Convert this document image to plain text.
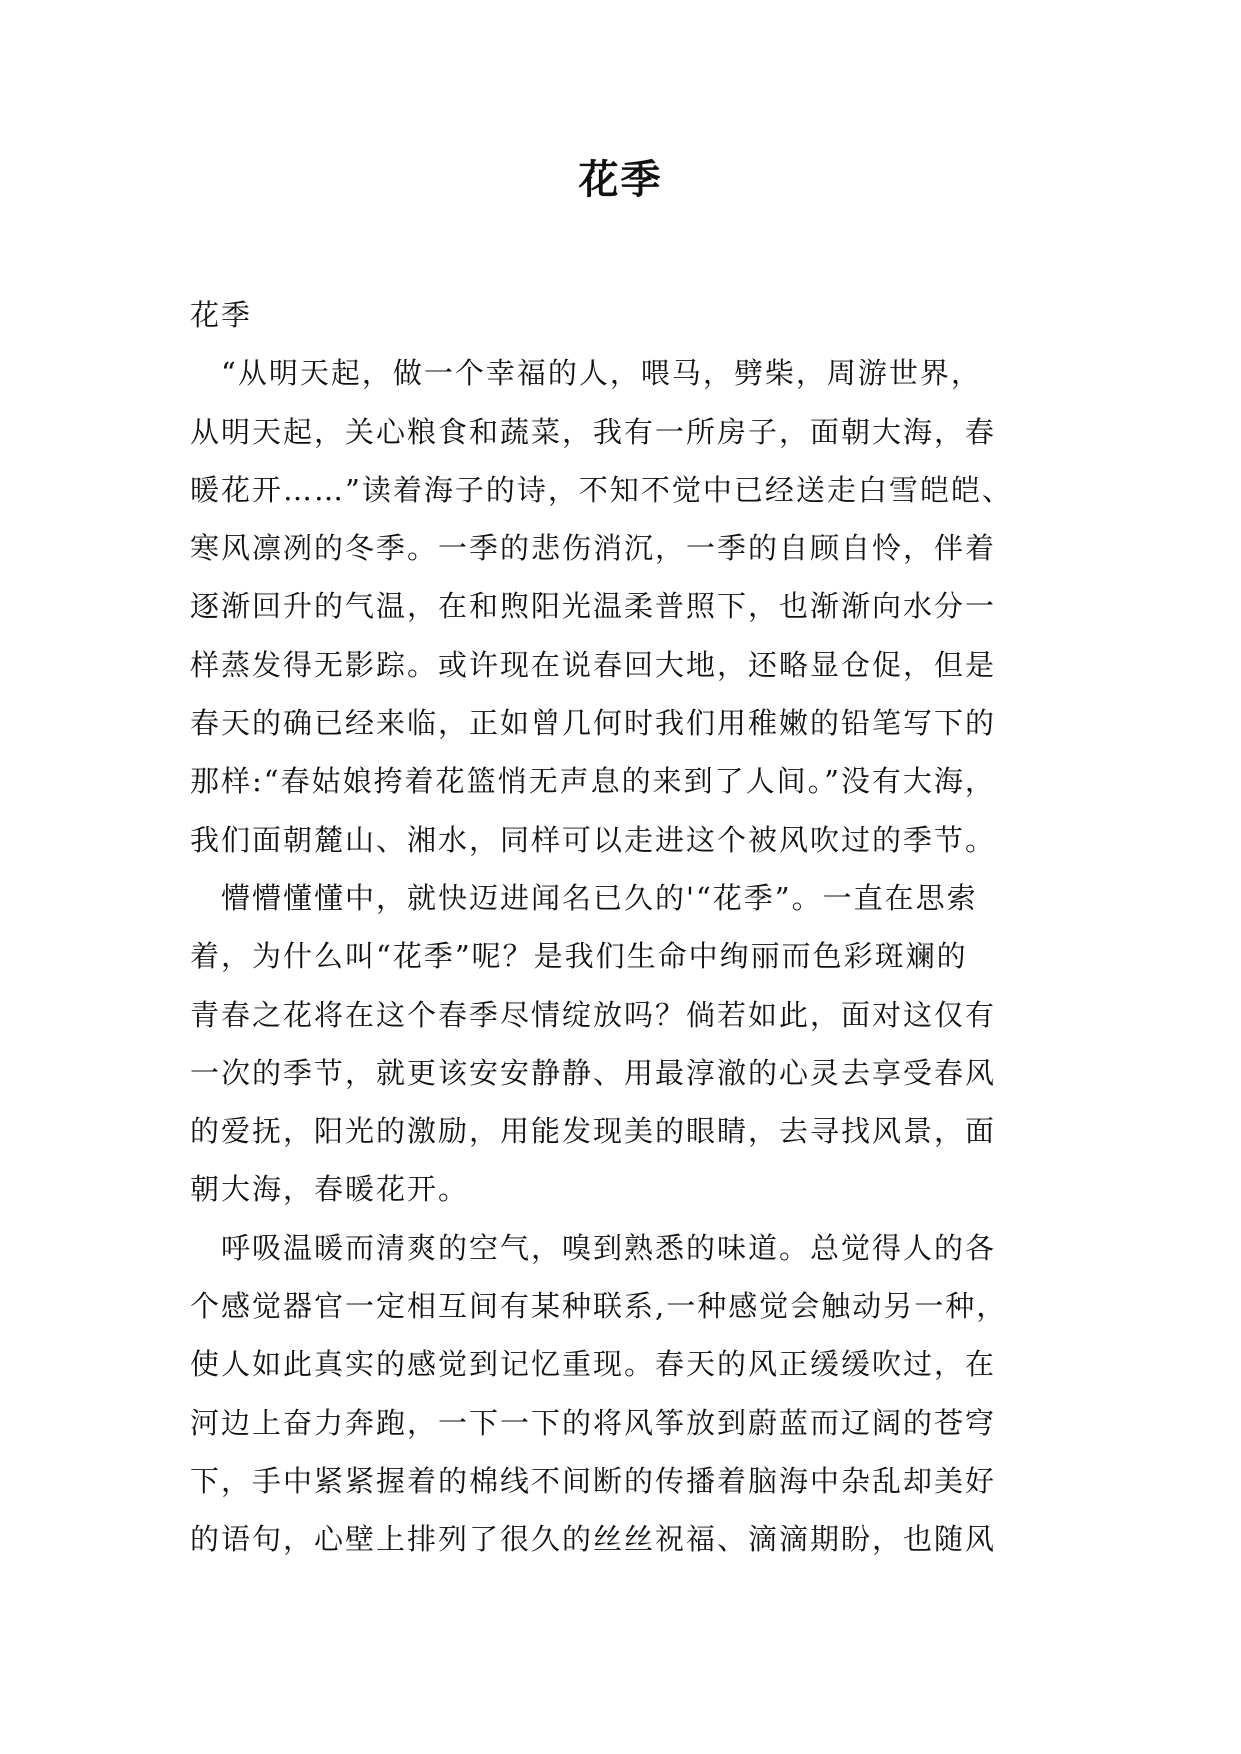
花季
花季
　“从明天起，做一个幸福的人，喂马，劈柴，周游世界，
从明天起，关心粮食和蔬菜，我有一所房子，面朝大海，春
暖花开……”读着海子的诗，不知不觉中已经送走白雪皑皑、
寒风凛冽的冬季。一季的悲伤消沉，一季的自顾自怜，伴着
逐渐回升的气温，在和煦阳光温柔普照下，也渐渐向水分一
样蒸发得无影踪。或许现在说春回大地，还略显仓促，但是
春天的确已经来临，正如曾几何时我们用稚嫩的铅笔写下的
那样:“春姑娘挎着花篮悄无声息的来到了人间。”没有大海，
我们面朝麓山、湘水，同样可以走进这个被风吹过的季节。
　懵懵懂懂中，就快迈进闻名已久的'“花季”。一直在思索
着，为什么叫“花季”呢？是我们生命中绚丽而色彩斑斓的
青春之花将在这个春季尽情绽放吗？倘若如此，面对这仅有
一次的季节，就更该安安静静、用最淳澈的心灵去享受春风
的爱抚，阳光的激励，用能发现美的眼睛，去寻找风景，面
朝大海，春暖花开。
　呼吸温暖而清爽的空气，嗅到熟悉的味道。总觉得人的各
个感觉器官一定相互间有某种联系,一种感觉会触动另一种，
使人如此真实的感觉到记忆重现。春天的风正缓缓吹过，在
河边上奋力奔跑，一下一下的将风筝放到蔚蓝而辽阔的苍穹
下，手中紧紧握着的棉线不间断的传播着脑海中杂乱却美好
的语句，心壁上排列了很久的丝丝祝福、滴滴期盼，也随风
